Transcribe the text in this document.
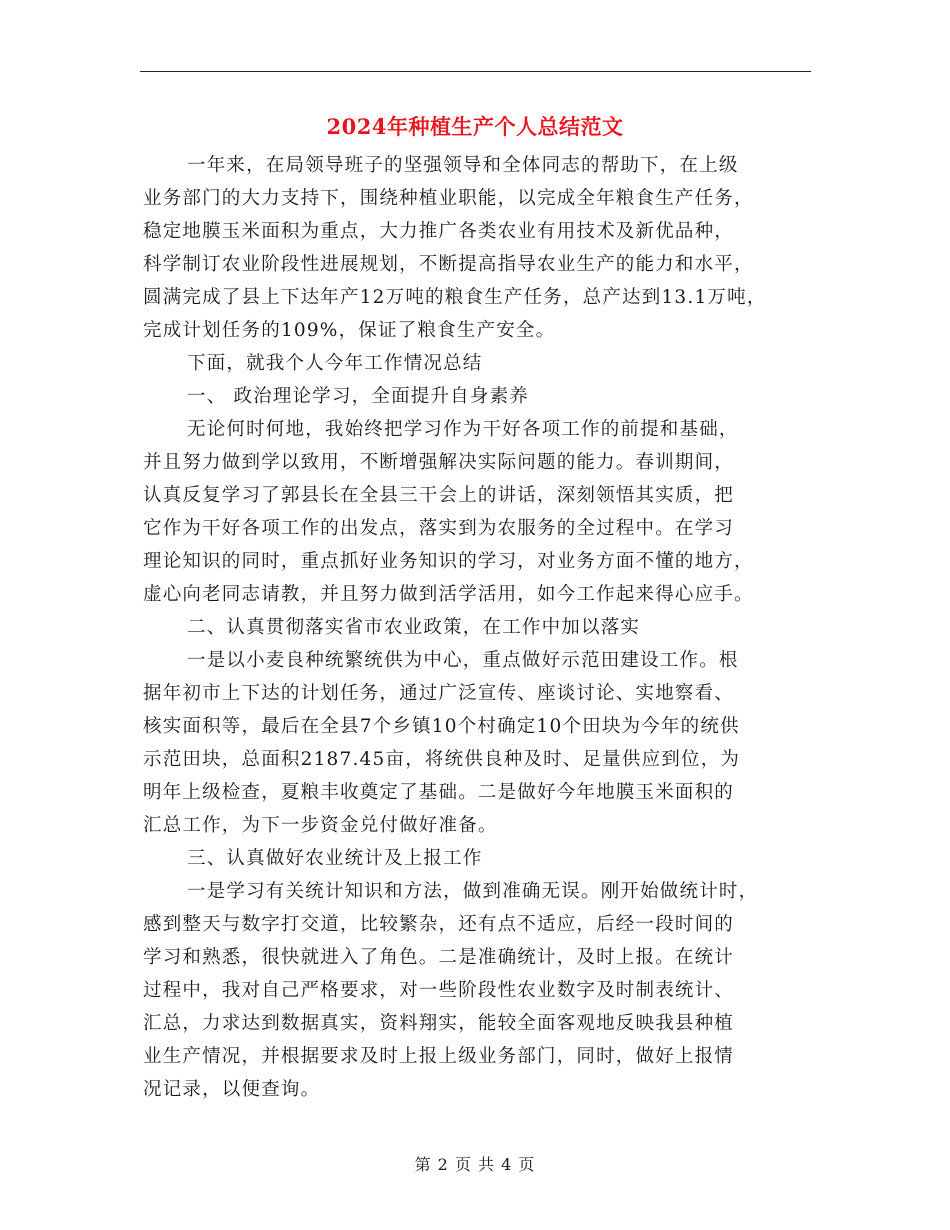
2024年种植生产个人总结范文
一年来，在局领导班子的坚强领导和全体同志的帮助下，在上级
业务部门的大力支持下，围绕种植业职能，以完成全年粮食生产任务，
稳定地膜玉米面积为重点，大力推广各类农业有用技术及新优品种，
科学制订农业阶段性进展规划，不断提高指导农业生产的能力和水平，
圆满完成了县上下达年产12万吨的粮食生产任务，总产达到13.1万吨，
完成计划任务的109%，保证了粮食生产安全。
下面，就我个人今年工作情况总结
一、 政治理论学习，全面提升自身素养
无论何时何地，我始终把学习作为干好各项工作的前提和基础，
并且努力做到学以致用，不断增强解决实际问题的能力。春训期间，
认真反复学习了郭县长在全县三干会上的讲话，深刻领悟其实质，把
它作为干好各项工作的出发点，落实到为农服务的全过程中。在学习
理论知识的同时，重点抓好业务知识的学习，对业务方面不懂的地方，
虚心向老同志请教，并且努力做到活学活用，如今工作起来得心应手。
二、认真贯彻落实省市农业政策，在工作中加以落实
一是以小麦良种统繁统供为中心，重点做好示范田建设工作。根
据年初市上下达的计划任务，通过广泛宣传、座谈讨论、实地察看、
核实面积等，最后在全县7个乡镇10个村确定10个田块为今年的统供
示范田块，总面积2187.45亩，将统供良种及时、足量供应到位，为
明年上级检查，夏粮丰收奠定了基础。二是做好今年地膜玉米面积的
汇总工作，为下一步资金兑付做好准备。
三、认真做好农业统计及上报工作
一是学习有关统计知识和方法，做到准确无误。刚开始做统计时，
感到整天与数字打交道，比较繁杂，还有点不适应，后经一段时间的
学习和熟悉，很快就进入了角色。二是准确统计，及时上报。在统计
过程中，我对自己严格要求，对一些阶段性农业数字及时制表统计、
汇总，力求达到数据真实，资料翔实，能较全面客观地反映我县种植
业生产情况，并根据要求及时上报上级业务部门，同时，做好上报情
况记录，以便查询。
第 2 页 共 4 页
